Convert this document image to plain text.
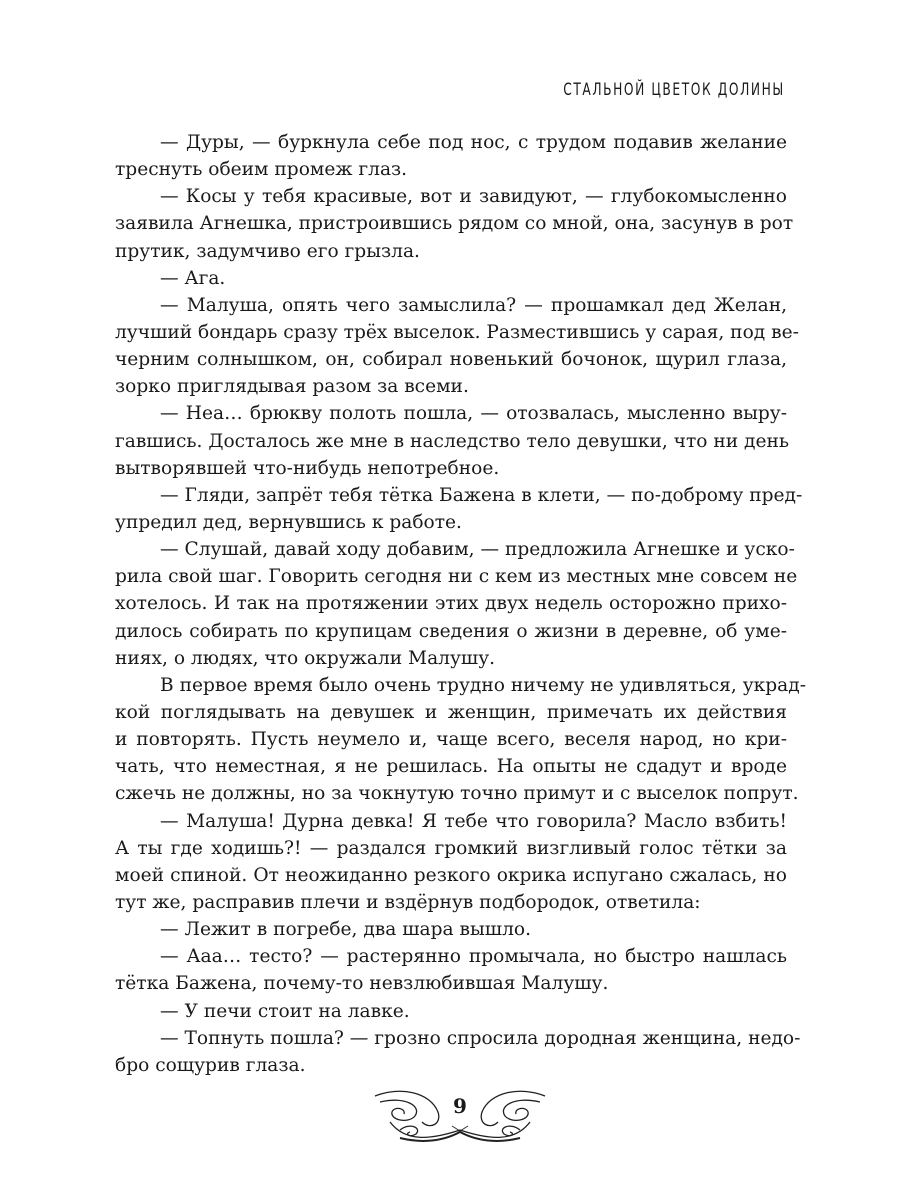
СТАЛЬНОЙ ЦВЕТОК ДОЛИНЫ
— Дуры, — буркнула себе под нос, с трудом подавив желание
треснуть обеим промеж глаз.
— Косы у тебя красивые, вот и завидуют, — глубокомысленно
заявила Агнешка, пристроившись рядом со мной, она, засунув в рот
прутик, задумчиво его грызла.
— Ага.
— Малуша, опять чего замыслила? — прошамкал дед Желан,
лучший бондарь сразу трёх выселок. Разместившись у сарая, под ве-
черним солнышком, он, собирал новенький бочонок, щурил глаза,
зорко приглядывая разом за всеми.
— Неа… брюкву полоть пошла, — отозвалась, мысленно выру-
гавшись. Досталось же мне в наследство тело девушки, что ни день
вытворявшей что-нибудь непотребное.
— Гляди, запрёт тебя тётка Бажена в клети, — по-доброму пред-
упредил дед, вернувшись к работе.
— Слушай, давай ходу добавим, — предложила Агнешке и уско-
рила свой шаг. Говорить сегодня ни с кем из местных мне совсем не
хотелось. И так на протяжении этих двух недель осторожно прихо-
дилось собирать по крупицам сведения о жизни в деревне, об уме-
ниях, о людях, что окружали Малушу.
В первое время было очень трудно ничему не удивляться, украд-
кой поглядывать на девушек и женщин, примечать их действия
и повторять. Пусть неумело и, чаще всего, веселя народ, но кри-
чать, что неместная, я не решилась. На опыты не сдадут и вроде
сжечь не должны, но за чокнутую точно примут и с выселок попрут.
— Малуша! Дурна девка! Я тебе что говорила? Масло взбить!
А ты где ходишь?! — раздался громкий визгливый голос тётки за
моей спиной. От неожиданно резкого окрика испугано сжалась, но
тут же, расправив плечи и вздёрнув подбородок, ответила:
— Лежит в погребе, два шара вышло.
— Ааа… тесто? — растерянно промычала, но быстро нашлась
тётка Бажена, почему-то невзлюбившая Малушу.
— У печи стоит на лавке.
— Топнуть пошла? — грозно спросила дородная женщина, недо-
бро сощурив глаза.
9
